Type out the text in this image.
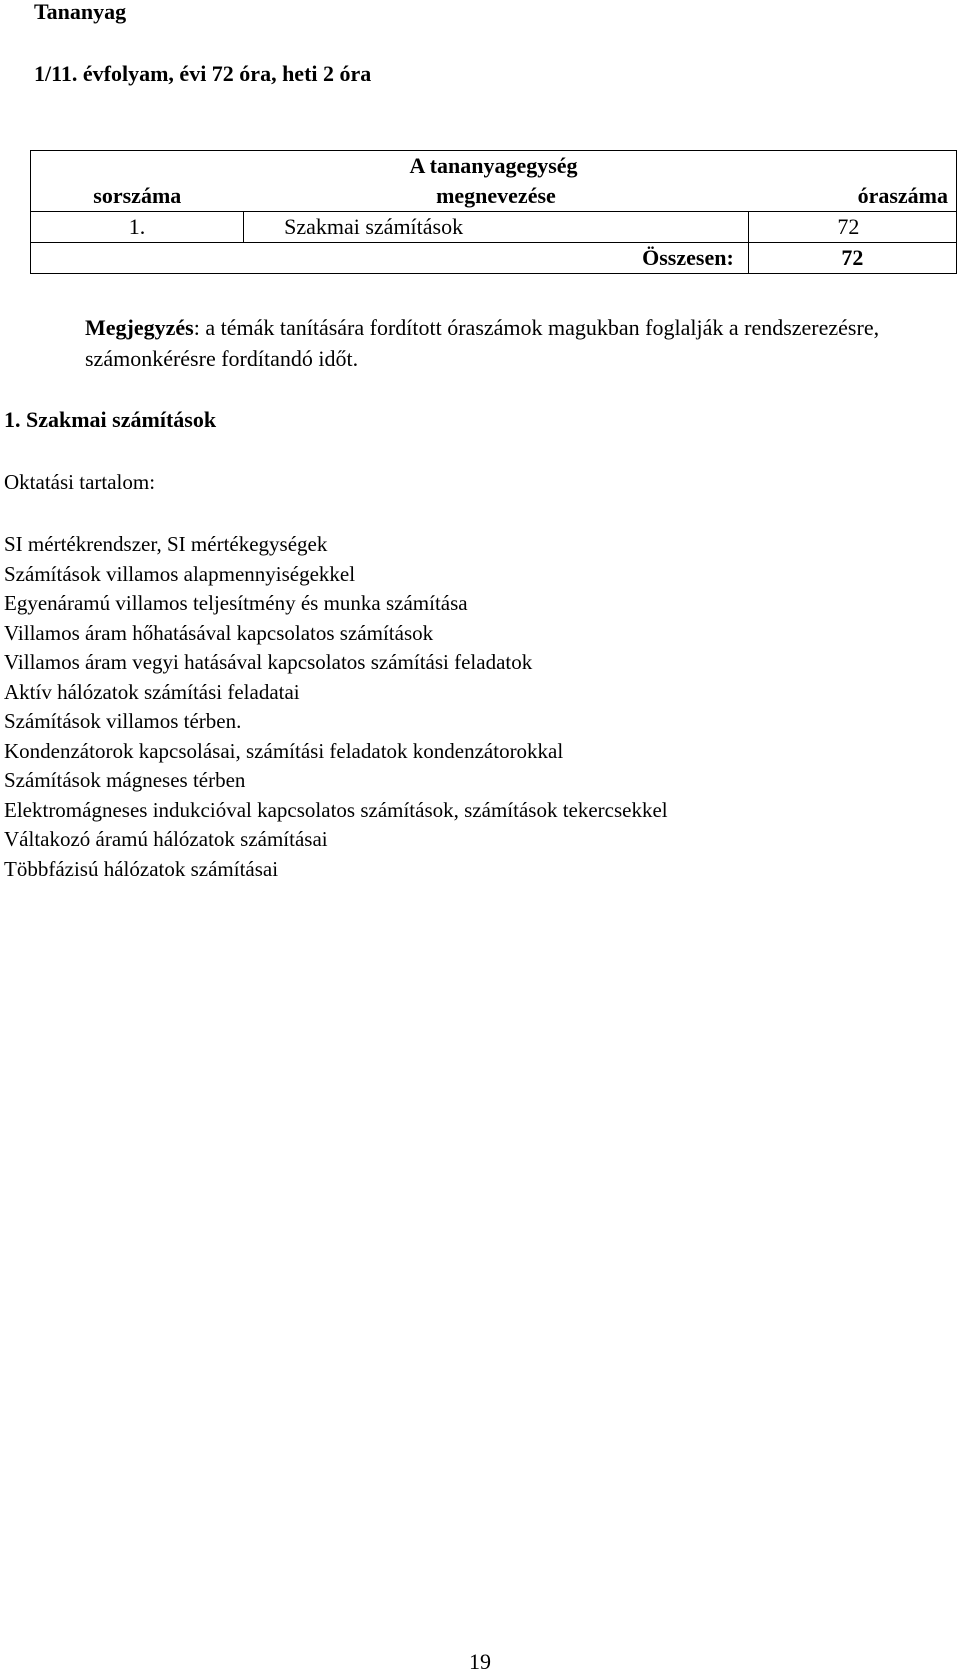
Tananyag
1/11. évfolyam, évi 72 óra, heti 2 óra
A tananyagegység		
sorszáma	megnevezése	óraszáma
1.	Szakmai számítások	72
Összesen:		72
Megjegyzés: a témák tanítására fordított óraszámok magukban foglalják a rendszerezésre, számonkérésre fordítandó időt.
1. Szakmai számítások
Oktatási tartalom:
SI mértékrendszer, SI mértékegységek
Számítások villamos alapmennyiségekkel
Egyenáramú villamos teljesítmény és munka számítása
Villamos áram hőhatásával kapcsolatos számítások
Villamos áram vegyi hatásával kapcsolatos számítási feladatok
Aktív hálózatok számítási feladatai
Számítások villamos térben.
Kondenzátorok kapcsolásai, számítási feladatok kondenzátorokkal
Számítások mágneses térben
Elektromágneses indukcióval kapcsolatos számítások, számítások tekercsekkel
Váltakozó áramú hálózatok számításai
Többfázisú hálózatok számításai
19
